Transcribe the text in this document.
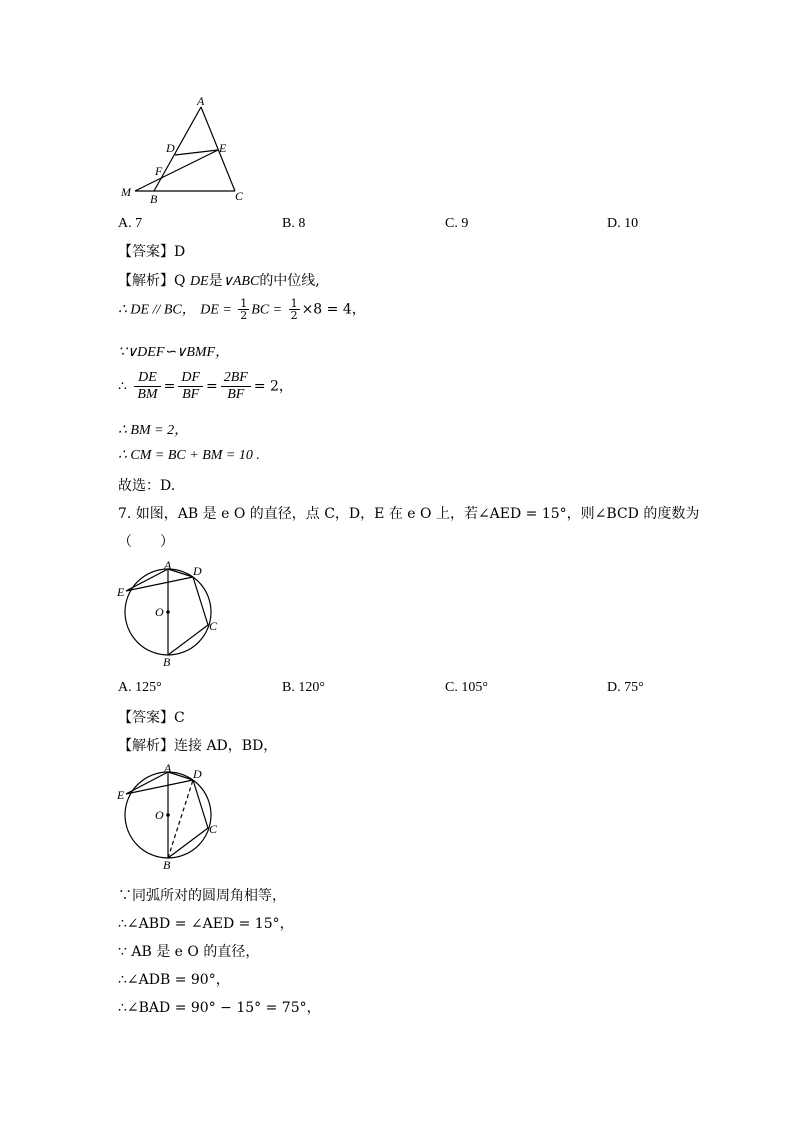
A
D	E
F
M B	C
A. 7	B. 8	C. 9	D. 10
【答案】D
【解析】Q DE是∨ABC的中位线,
∴ DE // BC， DE = $\frac{1}{2}$ BC = $\frac{1}{2} \times 8 = 4$，
∵∨DEF∽∨BMF，
∴ $\frac{DE}{BM} = \frac{DF}{BF} = \frac{2BF}{BF} = 2$，
∴ BM = 2，
∴ CM = BC + BM = 10 .
故选：D.
7. 如图，AB 是 e O 的直径，点 C，D，E 在 e O 上，若∠AED = 15°，则∠BCD 的度数为
（　　）
A D
E
O
C
B
A. 125°	B. 120°	C. 105°	D. 75°
【答案】C
【解析】连接 AD，BD，
A D
E
O
C
B
∵同弧所对的圆周角相等，
∴∠ABD = ∠AED = 15°，
∵ AB 是 e O 的直径，
∴∠ADB = 90°，
∴∠BAD = 90° − 15° = 75°，
